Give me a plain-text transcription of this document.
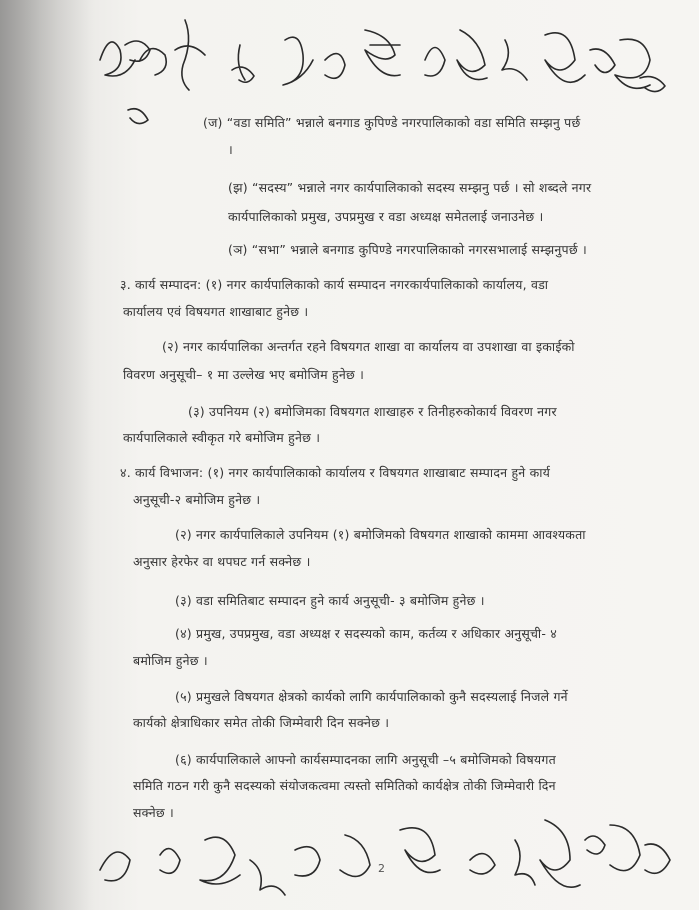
(ज) “वडा समिति” भन्नाले बनगाड कुपिण्डे नगरपालिकाको वडा समिति सम्झनु पर्छ
।
(झ) “सदस्य” भन्नाले नगर कार्यपालिकाको सदस्य सम्झनु पर्छ । सो शब्दले नगर
कार्यपालिकाको प्रमुख, उपप्रमुख र वडा अध्यक्ष समेतलाई जनाउनेछ ।
(ञ) “सभा” भन्नाले बनगाड कुपिण्डे नगरपालिकाको नगरसभालाई सम्झनुपर्छ ।
३. कार्य सम्पादन: (१) नगर कार्यपालिकाको कार्य सम्पादन नगरकार्यपालिकाको कार्यालय, वडा
कार्यालय एवं विषयगत शाखाबाट हुनेछ ।
(२) नगर कार्यपालिका अन्तर्गत रहने विषयगत शाखा वा कार्यालय वा उपशाखा वा इकाईको
विवरण अनुसूची– १ मा उल्लेख भए बमोजिम हुनेछ ।
(३) उपनियम (२) बमोजिमका विषयगत शाखाहरु र तिनीहरुकोकार्य विवरण नगर
कार्यपालिकाले स्वीकृत गरे बमोजिम हुनेछ ।
४. कार्य विभाजन: (१) नगर कार्यपालिकाको कार्यालय र विषयगत शाखाबाट सम्पादन हुने कार्य
अनुसूची-२ बमोजिम हुनेछ ।
(२) नगर कार्यपालिकाले उपनियम (१) बमोजिमको विषयगत शाखाको काममा आवश्यकता
अनुसार हेरफेर वा थपघट गर्न सक्नेछ ।
(३) वडा समितिबाट सम्पादन हुने कार्य अनुसूची- ३ बमोजिम हुनेछ ।
(४) प्रमुख, उपप्रमुख, वडा अध्यक्ष र सदस्यको काम, कर्तव्य र अधिकार अनुसूची- ४
बमोजिम हुनेछ ।
(५) प्रमुखले विषयगत क्षेत्रको कार्यको लागि कार्यपालिकाको कुनै सदस्यलाई निजले गर्ने
कार्यको क्षेत्राधिकार समेत तोकी जिम्मेवारी दिन सक्नेछ ।
(६) कार्यपालिकाले आफ्नो कार्यसम्पादनका लागि अनुसूची –५ बमोजिमको विषयगत
समिति गठन गरी कुनै सदस्यको संयोजकत्वमा त्यस्तो समितिको कार्यक्षेत्र तोकी जिम्मेवारी दिन
सक्नेछ ।
2
